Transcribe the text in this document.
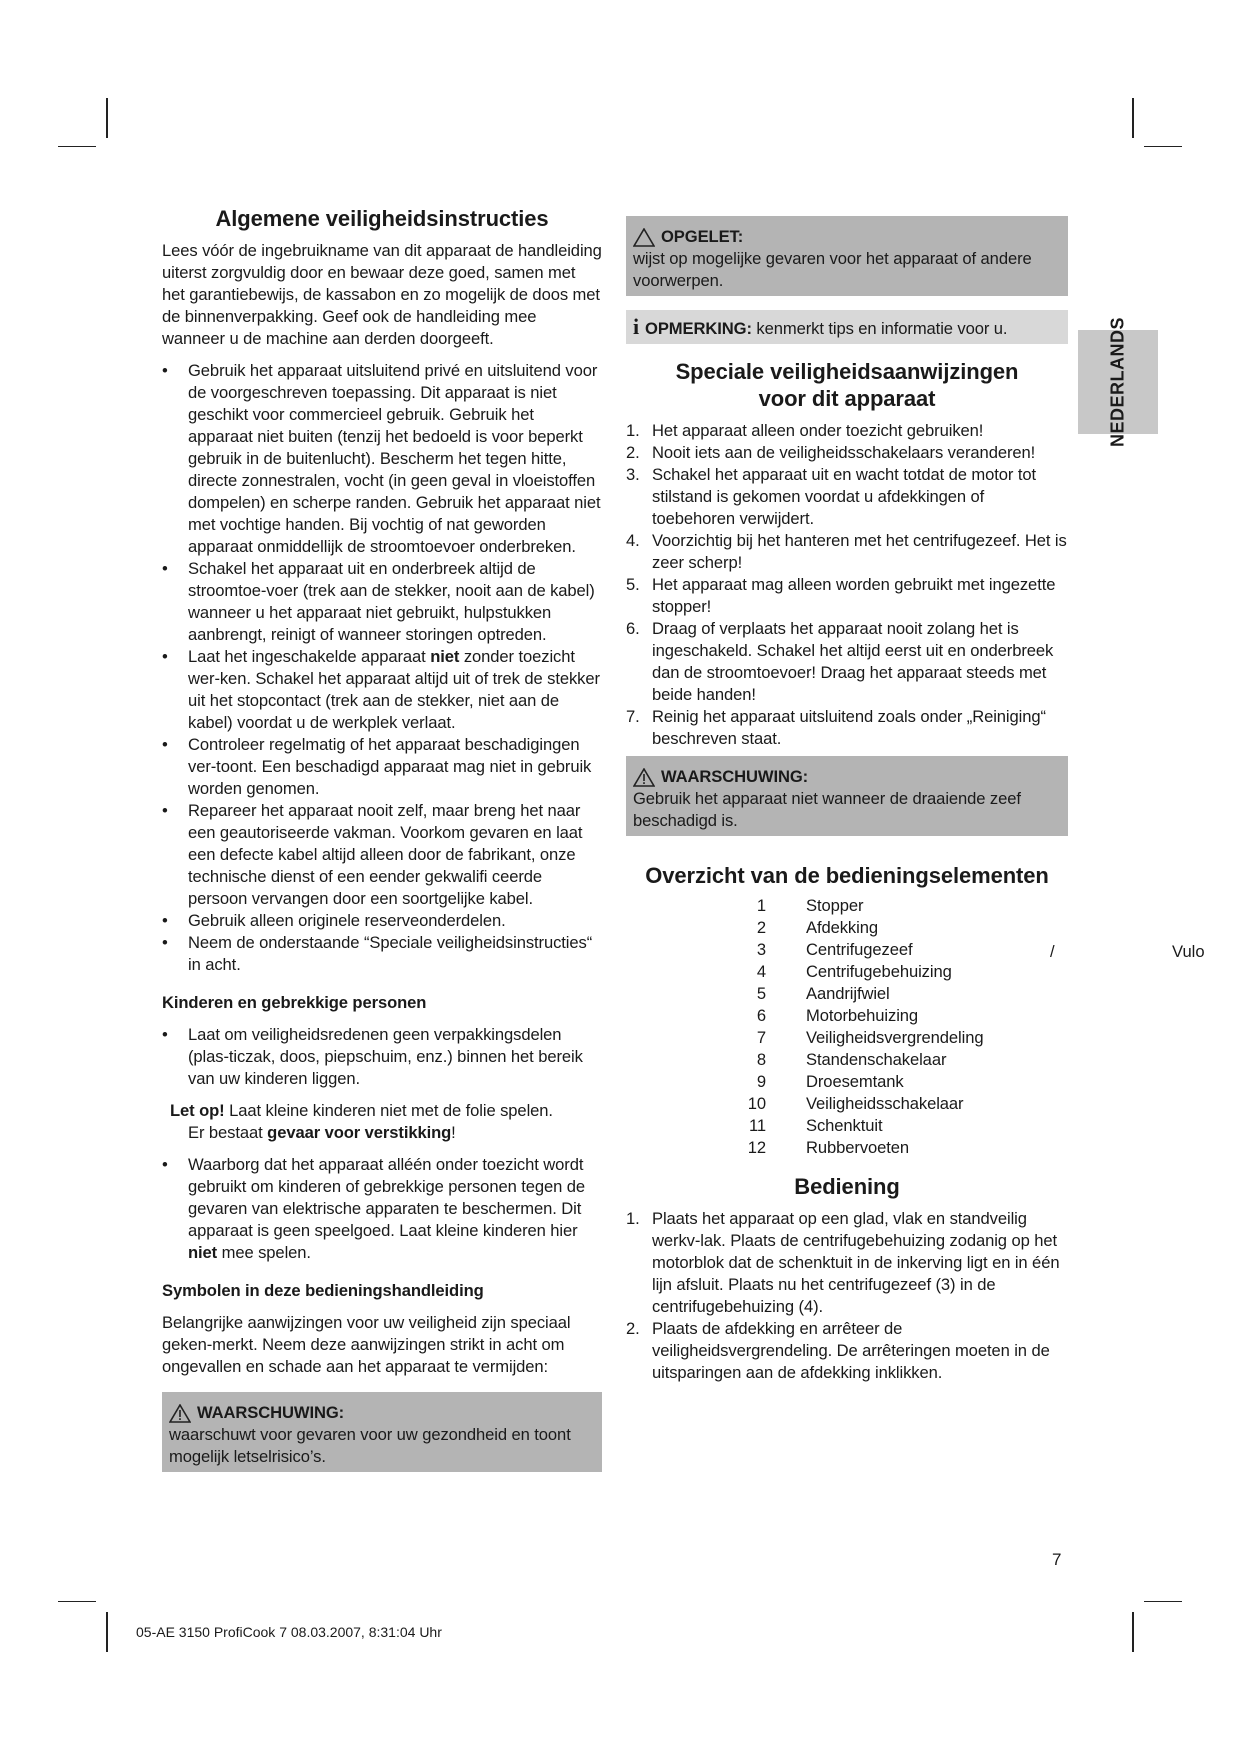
Algemene veiligheidsinstructies

Lees vóór de ingebruikname van dit apparaat de handleiding uiterst zorgvuldig door en bewaar deze goed, samen met het garantiebewijs, de kassabon en zo mogelijk de doos met de binnenverpakking. Geef ook de handleiding mee wanneer u de machine aan derden doorgeeft.

• Gebruik het apparaat uitsluitend privé en uitsluitend voor de voorgeschreven toepassing. Dit apparaat is niet geschikt voor commercieel gebruik. Gebruik het apparaat niet buiten (tenzij het bedoeld is voor beperkt gebruik in de buitenlucht). Bescherm het tegen hitte, directe zonnestralen, vocht (in geen geval in vloeistoffen dompelen) en scherpe randen. Gebruik het apparaat niet met vochtige handen. Bij vochtig of nat geworden apparaat onmiddellijk de stroomtoevoer onderbreken.
• Schakel het apparaat uit en onderbreek altijd de stroomtoe-voer (trek aan de stekker, nooit aan de kabel) wanneer u het apparaat niet gebruikt, hulpstukken aanbrengt, reinigt of wanneer storingen optreden.
• Laat het ingeschakelde apparaat niet zonder toezicht wer-ken. Schakel het apparaat altijd uit of trek de stekker uit het stopcontact (trek aan de stekker, niet aan de kabel) voordat u de werkplek verlaat.
• Controleer regelmatig of het apparaat beschadigingen ver-toont. Een beschadigd apparaat mag niet in gebruik worden genomen.
• Repareer het apparaat nooit zelf, maar breng het naar een geautoriseerde vakman. Voorkom gevaren en laat een defecte kabel altijd alleen door de fabrikant, onze technische dienst of een eender gekwalifi ceerde persoon vervangen door een soortgelijke kabel.
• Gebruik alleen originele reserveonderdelen.
• Neem de onderstaande “Speciale veiligheidsinstructies“ in acht.

Kinderen en gebrekkige personen

• Laat om veiligheidsredenen geen verpakkingsdelen (plas-ticzak, doos, piepschuim, enz.) binnen het bereik van uw kinderen liggen.
Let op! Laat kleine kinderen niet met de folie spelen.
Er bestaat gevaar voor verstikking!
• Waarborg dat het apparaat alléén onder toezicht wordt gebruikt om kinderen of gebrekkige personen tegen de gevaren van elektrische apparaten te beschermen. Dit apparaat is geen speelgoed. Laat kleine kinderen hier niet mee spelen.

Symbolen in deze bedieningshandleiding

Belangrijke aanwijzingen voor uw veiligheid zijn speciaal geken-merkt. Neem deze aanwijzingen strikt in acht om ongevallen en schade aan het apparaat te vermijden:

WAARSCHUWING:

waarschuwt voor gevaren voor uw gezondheid en toont mogelijk letselrisico’s.

OPGELET:

wijst op mogelijke gevaren voor het apparaat of andere voorwerpen.

i OPMERKING: kenmerkt tips en informatie voor u.
Speciale veiligheidsaanwijzingen
voor dit apparaat
1. Het apparaat alleen onder toezicht gebruiken!
2. Nooit iets aan de veiligheidsschakelaars veranderen!
3. Schakel het apparaat uit en wacht totdat de motor tot stilstand is gekomen voordat u afdekkingen of toebehoren verwijdert.
4. Voorzichtig bij het hanteren met het centrifugezeef. Het is zeer scherp!
5. Het apparaat mag alleen worden gebruikt met ingezette stopper!
6. Draag of verplaats het apparaat nooit zolang het is ingeschakeld. Schakel het altijd eerst uit en onderbreek dan de stroomtoevoer! Draag het apparaat steeds met beide handen!
7. Reinig het apparaat uitsluitend zoals onder „Reiniging“ beschreven staat.
WAARSCHUWING:

Gebruik het apparaat niet wanneer de draaiende zeef beschadigd is.

Overzicht van de bedieningselementen
1 Stopper
2 Afdekking
3 Centrifugezeef
4 Centrifugebehuizing
5 Aandrijfwiel
6 Motorbehuizing
7 Veiligheidsvergrendeling
8 Standenschakelaar
9 Droesemtank
10 Veiligheidsschakelaar
11 Schenktuit
12 Rubbervoeten
Bediening
1. Plaats het apparaat op een glad, vlak en standveilig werkv-lak. Plaats de centrifugebehuizing zodanig op het motorblok dat de schenktuit in de inkerving ligt en in één lijn afsluit. Plaats nu het centrifugezeef (3) in de centrifugebehuizing (4).
2. Plaats de afdekking en arrêteer de veiligheidsvergrendeling. De arrêteringen moeten in de uitsparingen aan de afdekking inklikken.
/	Vulo
NEDERLANDS
7
05-AE 3150 ProfiCook 7 08.03.2007, 8:31:04 Uhr
